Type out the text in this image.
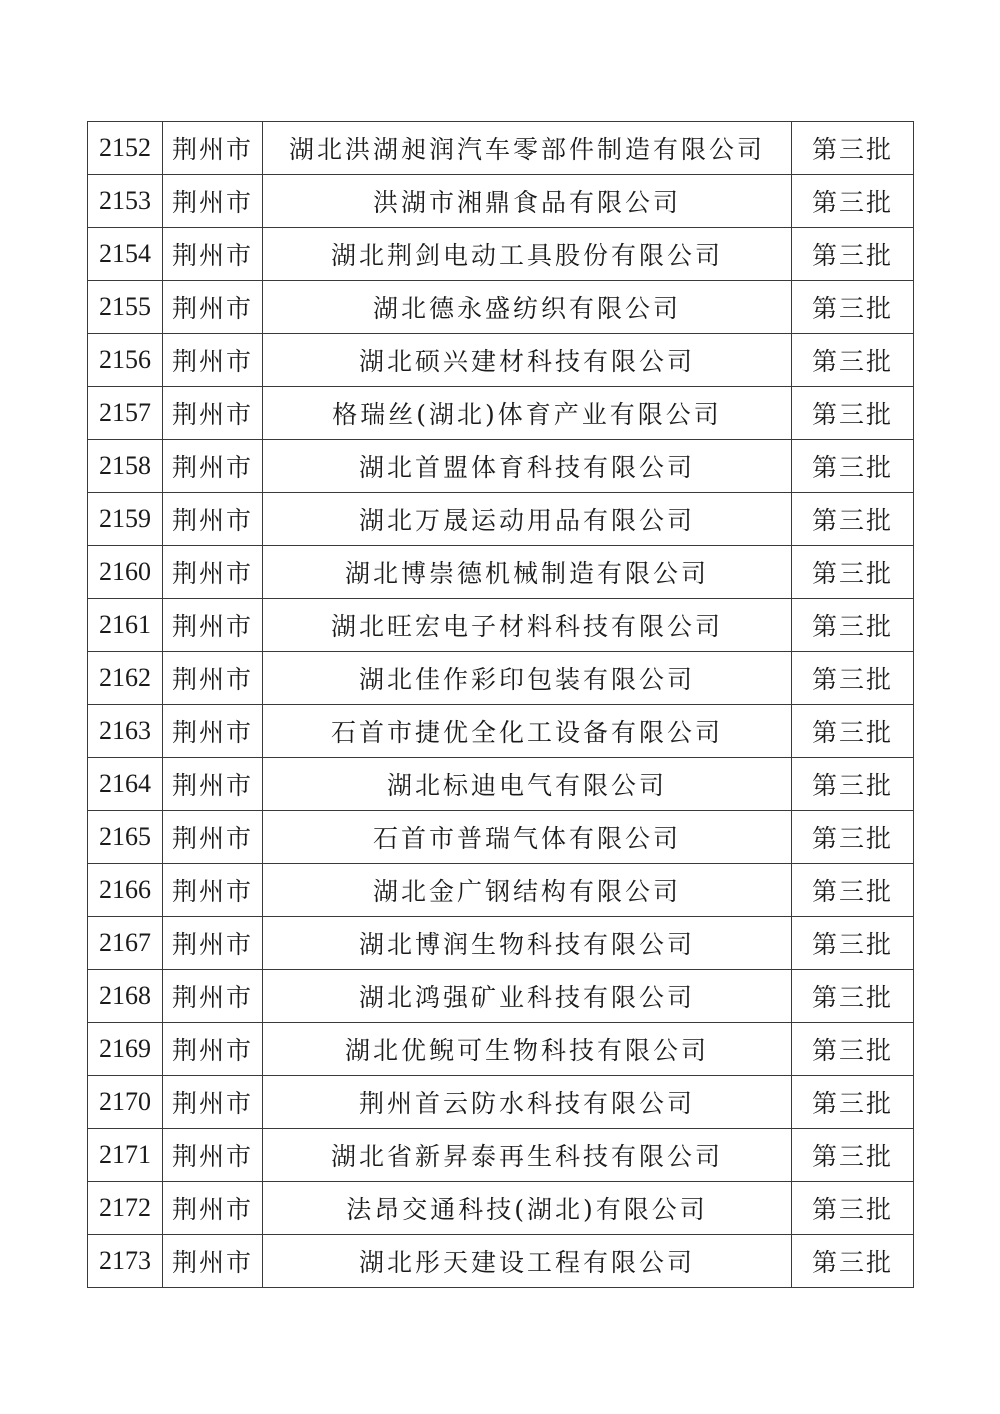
2152	荆州市	湖北洪湖昶润汽车零部件制造有限公司	第三批
2153	荆州市	洪湖市湘鼎食品有限公司	第三批
2154	荆州市	湖北荆剑电动工具股份有限公司	第三批
2155	荆州市	湖北德永盛纺织有限公司	第三批
2156	荆州市	湖北硕兴建材科技有限公司	第三批
2157	荆州市	格瑞丝(湖北)体育产业有限公司	第三批
2158	荆州市	湖北首盟体育科技有限公司	第三批
2159	荆州市	湖北万晟运动用品有限公司	第三批
2160	荆州市	湖北博崇德机械制造有限公司	第三批
2161	荆州市	湖北旺宏电子材料科技有限公司	第三批
2162	荆州市	湖北佳作彩印包装有限公司	第三批
2163	荆州市	石首市捷优全化工设备有限公司	第三批
2164	荆州市	湖北标迪电气有限公司	第三批
2165	荆州市	石首市普瑞气体有限公司	第三批
2166	荆州市	湖北金广钢结构有限公司	第三批
2167	荆州市	湖北博润生物科技有限公司	第三批
2168	荆州市	湖北鸿强矿业科技有限公司	第三批
2169	荆州市	湖北优鲵可生物科技有限公司	第三批
2170	荆州市	荆州首云防水科技有限公司	第三批
2171	荆州市	湖北省新昇泰再生科技有限公司	第三批
2172	荆州市	法昂交通科技(湖北)有限公司	第三批
2173	荆州市	湖北彤天建设工程有限公司	第三批
